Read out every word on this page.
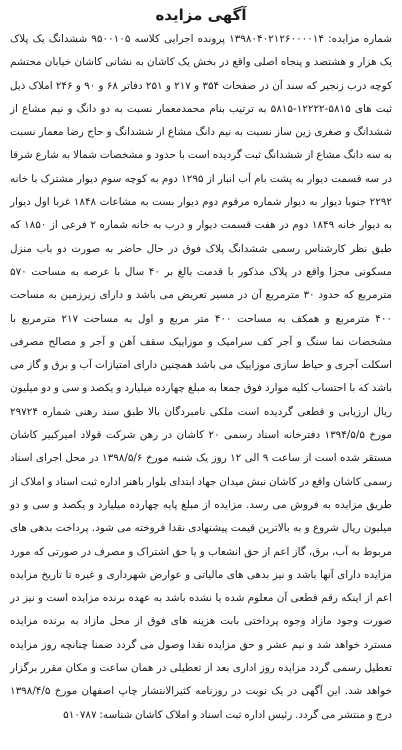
آگهی مزایده

شماره مزایده: ۱۳۹۸۰۴۰۲۱۲۶۰۰۰۰۱۴ پرونده اجرایی کلاسه ۹۵۰۰۱۰۵ ششدانگ یک پلاک یک هزار و هشتصد و پنجاه اصلی واقع در بخش یک کاشان به نشانی کاشان خیابان محتشم کوچه درب زنجیر که سند آن در صفحات ۳۵۴ و ۲۱۷ و ۲۵۱ دفاتر ۶۸ و ۹۰ و ۲۴۶ املاک ذیل ثبت های ۵۸۱۵-۱۲۲۲۲-۵۸۱۵ به ترتیب بنام محمدمعمار نسبت به دو دانگ و نیم مشاع از ششدانگ و صغری زین ساز نسبت به نیم دانگ مشاع از ششدانگ و حاج رضا معمار نسبت به سه دانگ مشاع از ششدانگ ثبت گردیده است با حدود و مشخصات شمالا به شارع شرقا در سه قسمت دیوار به پشت بام آب انبار از ۱۲۹۵ دوم به کوچه سوم دیوار مشترک با خانه ۲۲۹۲ جنوبا دیوار به دیوار شماره مرقوم دوم دیوار بست به مشاعات ۱۸۴۸ غربا اول دیوار به دیوار خانه ۱۸۴۹ دوم در هفت قسمت دیوار و درب به خانه شماره ۲ فرعی از ۱۸۵۰ که طبق نظر کارشناس رسمی ششدانگ پلاک فوق در حال حاضر به صورت دو باب منزل مسکونی مجزا واقع در پلاک مذکور با قدمت بالغ بر ۴۰ سال با عرصه به مساحت ۵۷۰ مترمربع که حدود ۳۰ مترمربع آن در مسیر تعریض می باشد و دارای زیرزمین به مساحت ۴۰۰ مترمربع و همکف به مساحت ۴۰۰ متر مربع و اول به مساحت ۲۱۷ مترمربع با مشخصات نما سنگ و آجر کف سرامیک و موزاییک سقف آهن و آجر و مصالح مصرفی اسکلت آجری و حیاط سازی موزاییک می باشد همچنین دارای امتیازات آب و برق و گاز می باشد که با احتساب کلیه موارد فوق جمعا به مبلغ چهارده میلیارد و یکصد و سی و دو میلیون ریال ارزیابی و قطعی گردیده است ملکی نامبردگان بالا طبق سند رهنی شماره ۲۹۷۲۴ مورخ ۱۳۹۴/۵/۵ دفترخانه اسناد رسمی ۲۰ کاشان در رهن شرکت قولاد امیرکبیر کاشان مستقر شده است از ساعت ۹ الی ۱۲ روز یک شنبه مورخ ۱۳۹۸/۵/۶ در محل اجرای اسناد رسمی کاشان واقع در کاشان نبش میدان جهاد ابتدای بلوار باهنر اداره ثبت اسناد و املاک از طریق مزایده به فروش می رسد. مزایده از مبلغ پایه چهارده میلیارد و یکصد و سی و دو میلیون ریال شروع و به بالاترین قیمت پیشنهادی نقدا فروخته می شود. پرداخت بدهی های مربوط به آب، برق، گاز اعم از حق انشعاب و یا حق اشتراک و مصرف در صورتی که مورد مزایده دارای آنها باشد و نیز بدهی های مالیاتی و عوارض شهرداری و غیره تا تاریخ مزایده اعم از اینکه رقم قطعی آن معلوم شده یا نشده باشد به عهده برنده مزایده است و نیز در صورت وجود مازاد وجوه پرداختی بابت هزینه های فوق از محل مازاد به برنده مزایده مسترد خواهد شد و نیم عشر و حق مزایده نقدا وصول می گردد ضمنا چنانچه روز مزایده تعطیل رسمی گردد مزایده روز اداری بعد از تعطیلی در همان ساعت و مکان مقرر برگزار خواهد شد. این آگهی در یک نوبت در روزنامه کثیرالانتشار چاپ اصفهان مورخ ۱۳۹۸/۴/۵ درج و منتشر می گردد. رئیس اداره ثبت اسناد و املاک کاشان شناسه: ۵۱۰۷۸۷
